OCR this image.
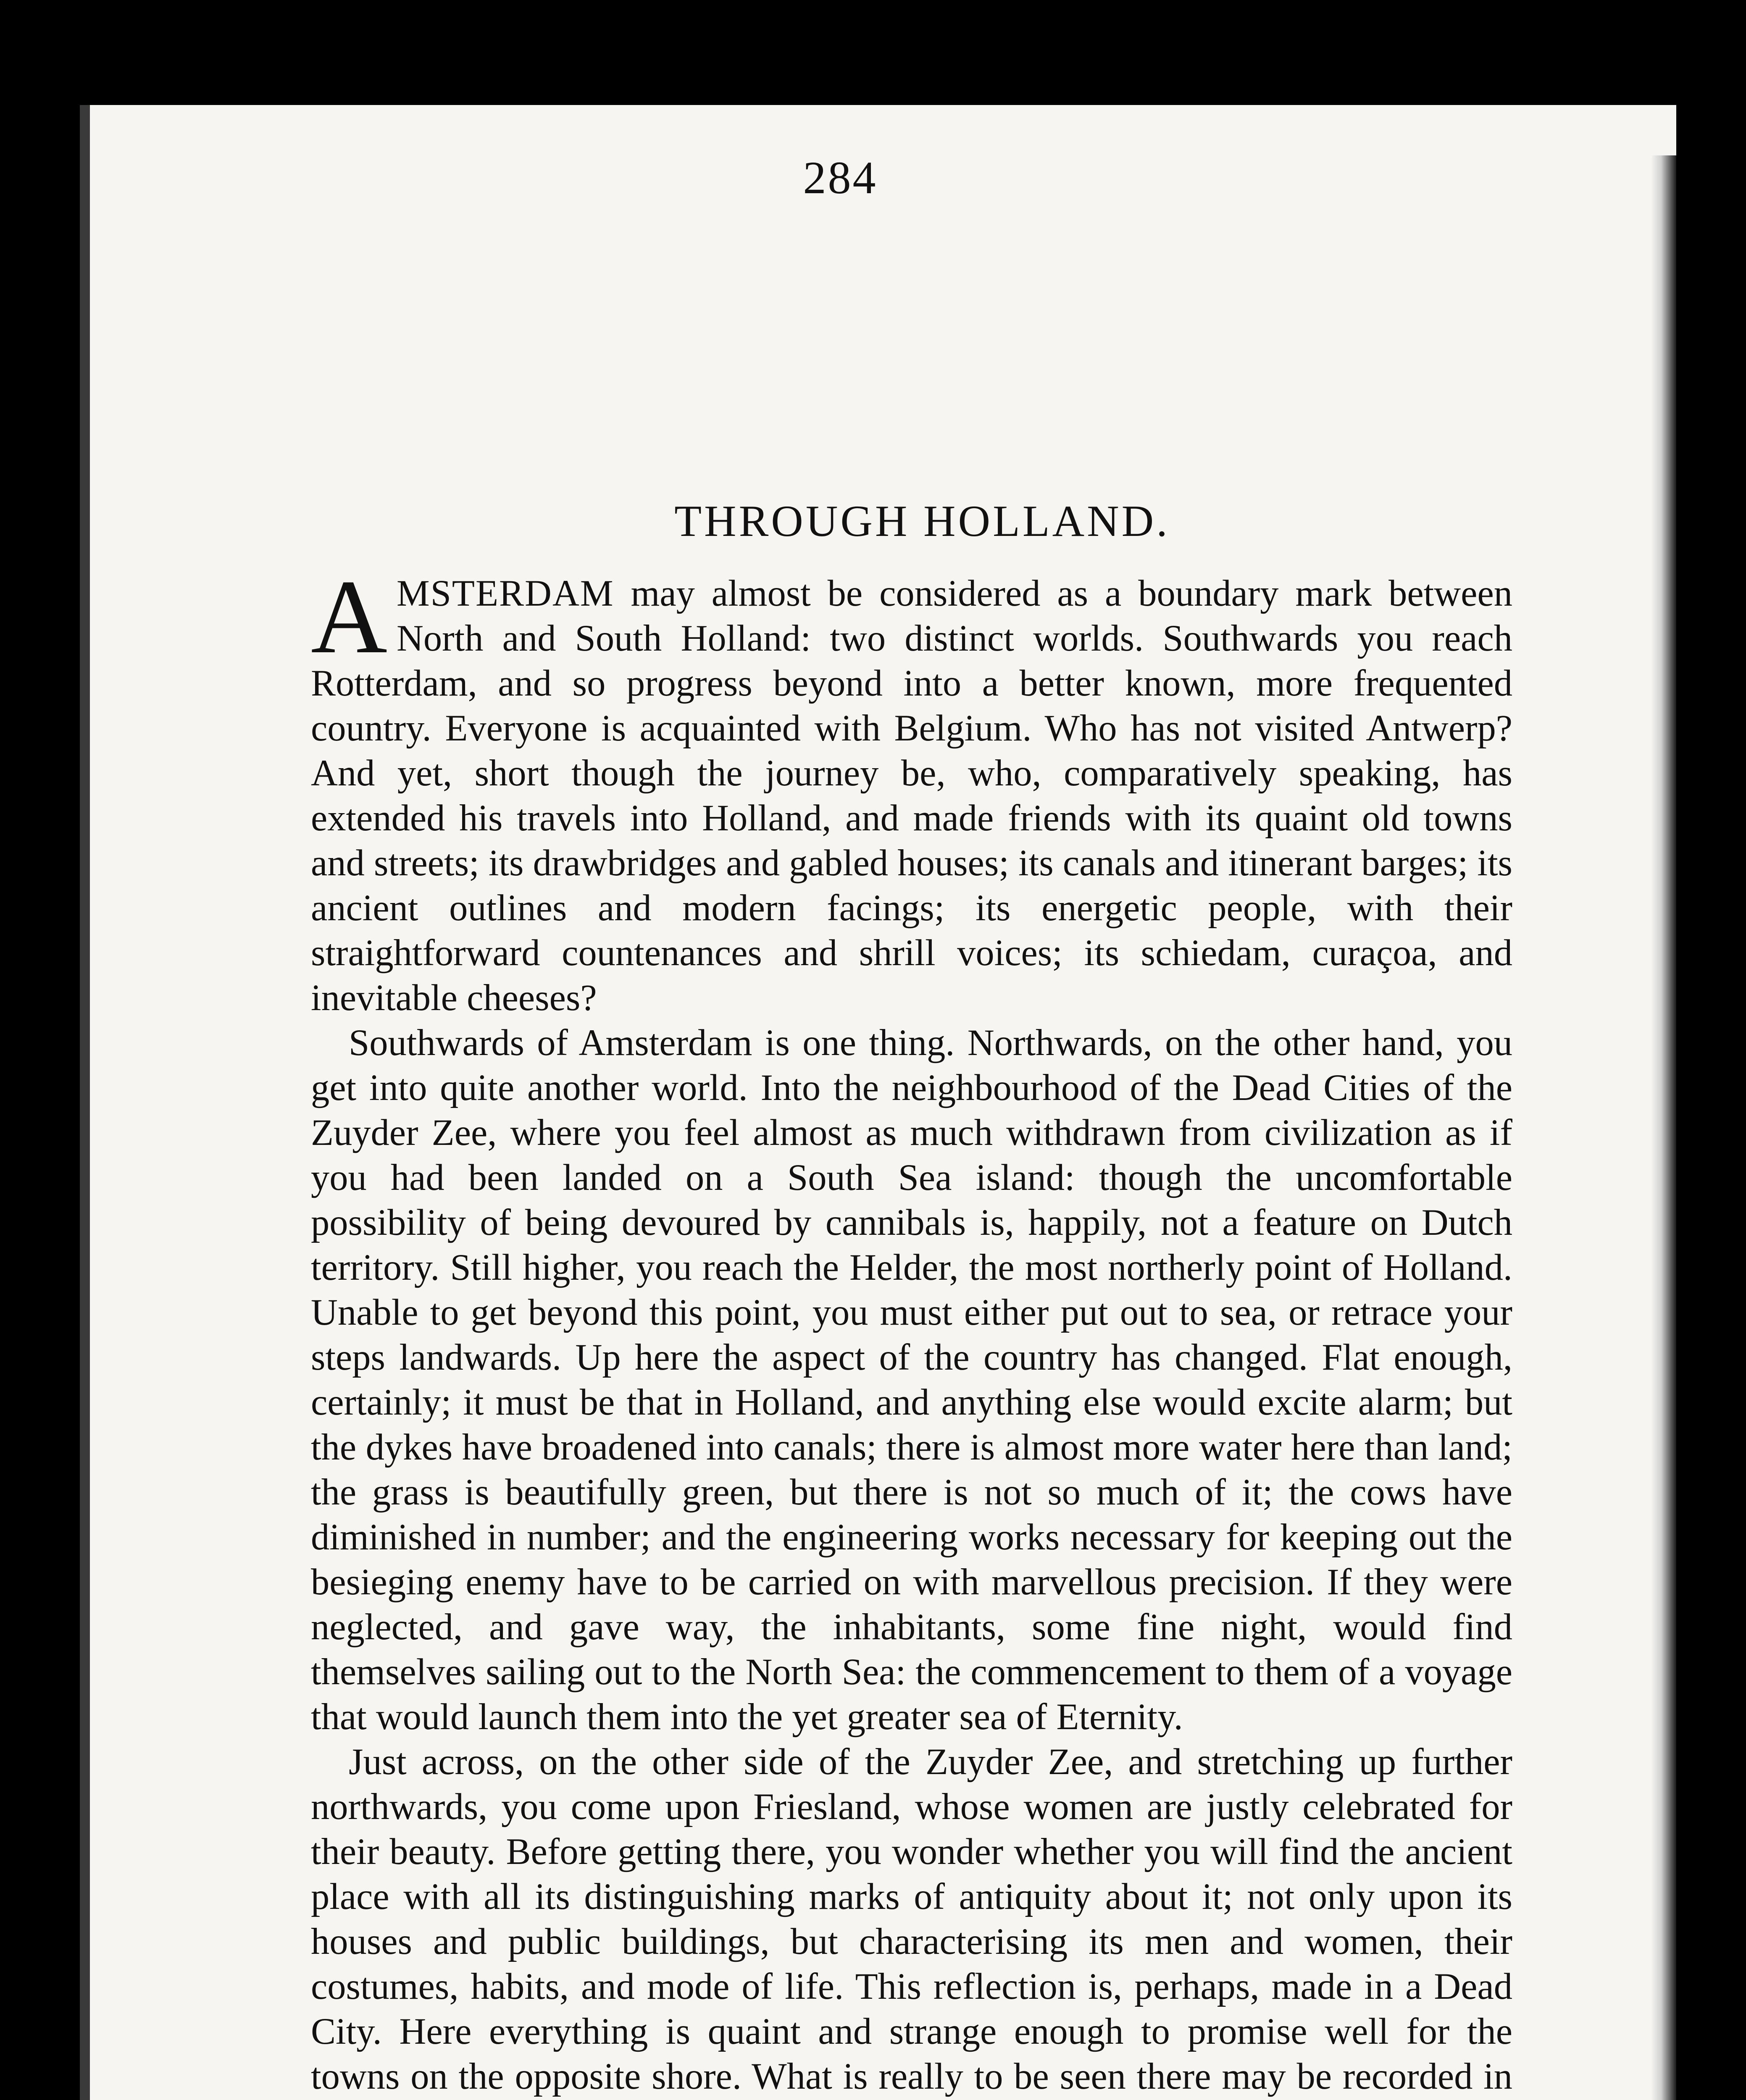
284
THROUGH HOLLAND.

AMSTERDAM may almost be considered as a boundary mark between North and South Holland: two distinct worlds. Southwards you reach Rotterdam, and so progress beyond into a better known, more frequented country. Everyone is acquainted with Belgium. Who has not visited Antwerp? And yet, short though the journey be, who, comparatively speaking, has extended his travels into Holland, and made friends with its quaint old towns and streets; its drawbridges and gabled houses; its canals and itinerant barges; its ancient outlines and modern facings; its energetic people, with their straightforward countenances and shrill voices; its schiedam, curaçoa, and inevitable cheeses?

Southwards of Amsterdam is one thing. Northwards, on the other hand, you get into quite another world. Into the neighbourhood of the Dead Cities of the Zuyder Zee, where you feel almost as much withdrawn from civilization as if you had been landed on a South Sea island: though the uncomfortable possibility of being devoured by cannibals is, happily, not a feature on Dutch territory. Still higher, you reach the Helder, the most northerly point of Holland. Unable to get beyond this point, you must either put out to sea, or retrace your steps landwards. Up here the aspect of the country has changed. Flat enough, certainly; it must be that in Holland, and anything else would excite alarm; but the dykes have broadened into canals; there is almost more water here than land; the grass is beautifully green, but there is not so much of it; the cows have diminished in number; and the engineering works necessary for keeping out the besieging enemy have to be carried on with marvellous precision. If they were neglected, and gave way, the inhabitants, some fine night, would find themselves sailing out to the North Sea: the commencement to them of a voyage that would launch them into the yet greater sea of Eternity.

Just across, on the other side of the Zuyder Zee, and stretching up further northwards, you come upon Friesland, whose women are justly celebrated for their beauty. Before getting there, you wonder whether you will find the ancient place with all its distinguishing marks of antiquity about it; not only upon its houses and public buildings, but characterising its men and women, their costumes, habits, and mode of life. This reflection is, perhaps, made in a Dead City. Here everything is quaint and strange enough to promise well for the towns on the opposite shore. What is really to be seen there may be recorded in
